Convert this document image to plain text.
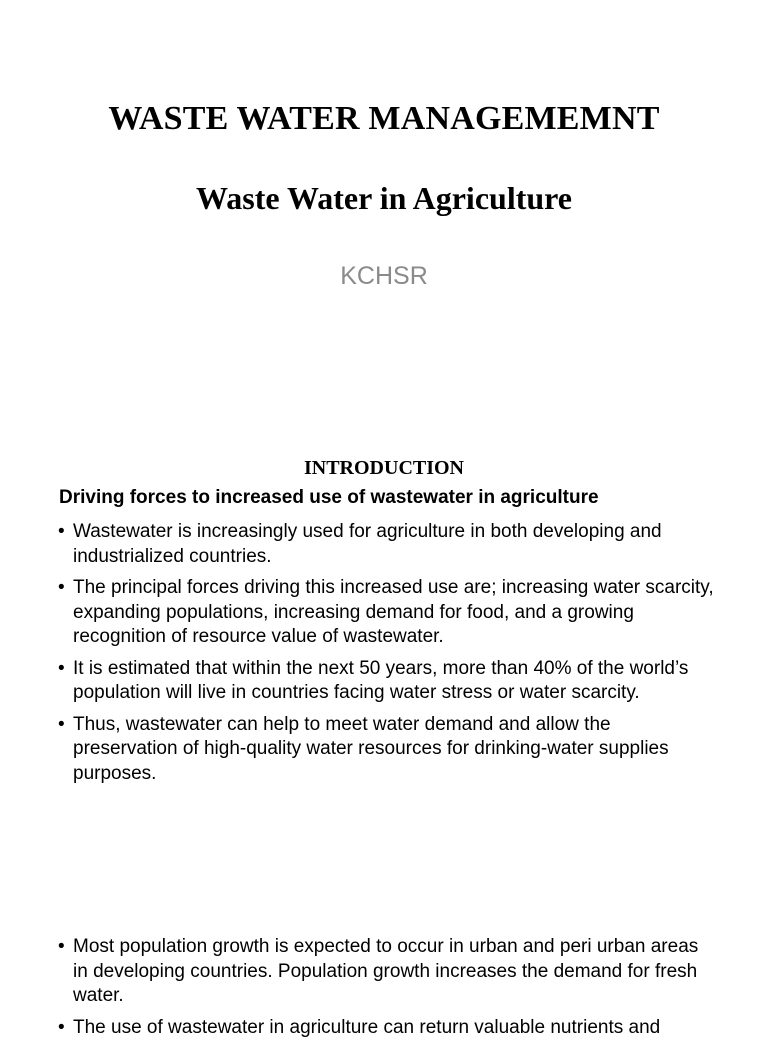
WASTE WATER MANAGEMEMNT
Waste Water in Agriculture
KCHSR
INTRODUCTION
Driving forces to increased use of wastewater in agriculture
• Wastewater is increasingly used for agriculture in both developing and industrialized countries.
• The principal forces driving this increased use are; increasing water scarcity, expanding populations, increasing demand for food, and a growing recognition of resource value of wastewater.
• It is estimated that within the next 50 years, more than 40% of the world’s population will live in countries facing water stress or water scarcity.
• Thus, wastewater can help to meet water demand and allow the preservation of high-quality water resources for drinking-water supplies purposes.
• Most population growth is expected to occur in urban and peri urban areas in developing countries. Population growth increases the demand for fresh water.
• The use of wastewater in agriculture can return valuable nutrients and
